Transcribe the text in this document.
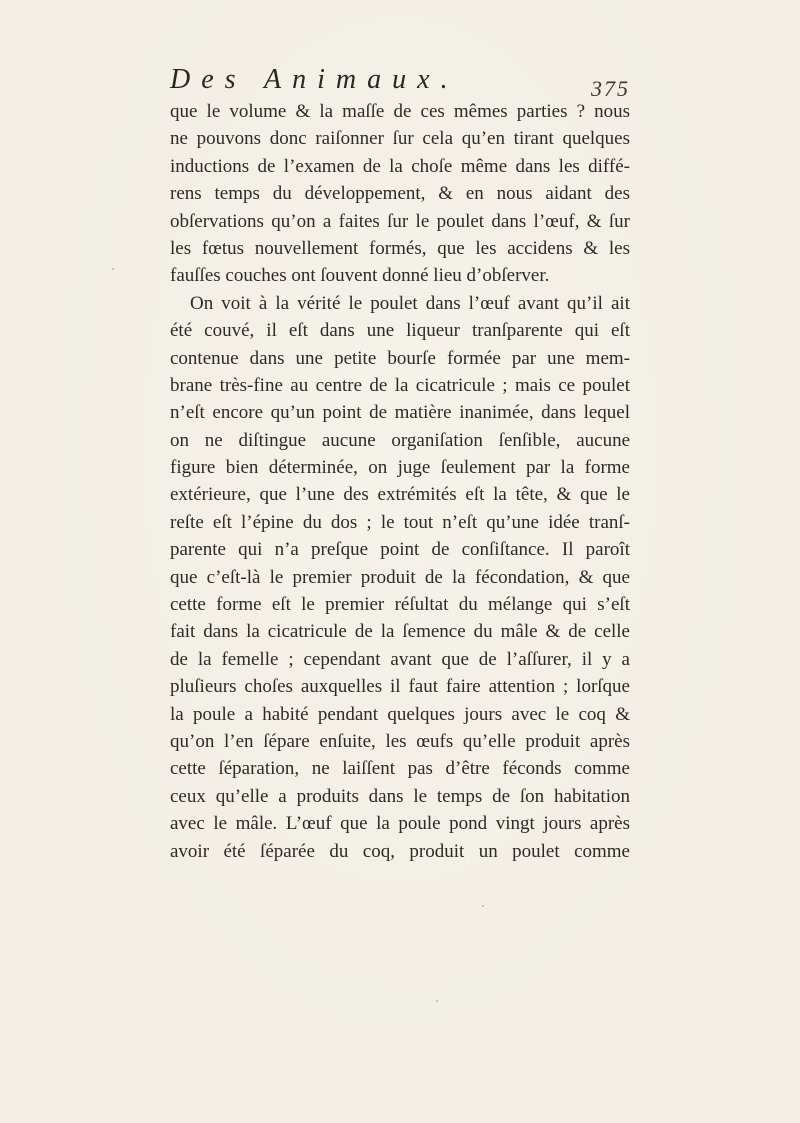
Des Animaux.	375
que le volume & la maſſe de ces mêmes parties ? nous
ne pouvons donc raiſonner ſur cela qu’en tirant quelques
inductions de l’examen de la choſe même dans les diffé-
rens temps du développement, & en nous aidant des
obſervations qu’on a faites ſur le poulet dans l’œuf, & ſur
les fœtus nouvellement formés, que les accidens & les
fauſſes couches ont ſouvent donné lieu d’obſerver.
On voit à la vérité le poulet dans l’œuf avant qu’il ait
été couvé, il eſt dans une liqueur tranſparente qui eſt
contenue dans une petite bourſe formée par une mem-
brane très-fine au centre de la cicatricule ; mais ce poulet
n’eſt encore qu’un point de matière inanimée, dans lequel
on ne diſtingue aucune organiſation ſenſible, aucune
figure bien déterminée, on juge ſeulement par la forme
extérieure, que l’une des extrémités eſt la tête, & que le
reſte eſt l’épine du dos ; le tout n’eſt qu’une idée tranſ-
parente qui n’a preſque point de conſiſtance. Il paroît
que c’eſt-là le premier produit de la fécondation, & que
cette forme eſt le premier réſultat du mélange qui s’eſt
fait dans la cicatricule de la ſemence du mâle & de celle
de la femelle ; cependant avant que de l’aſſurer, il y a
pluſieurs choſes auxquelles il faut faire attention ; lorſque
la poule a habité pendant quelques jours avec le coq &
qu’on l’en ſépare enſuite, les œufs qu’elle produit après
cette ſéparation, ne laiſſent pas d’être féconds comme
ceux qu’elle a produits dans le temps de ſon habitation
avec le mâle. L’œuf que la poule pond vingt jours après
avoir été ſéparée du coq, produit un poulet comme
